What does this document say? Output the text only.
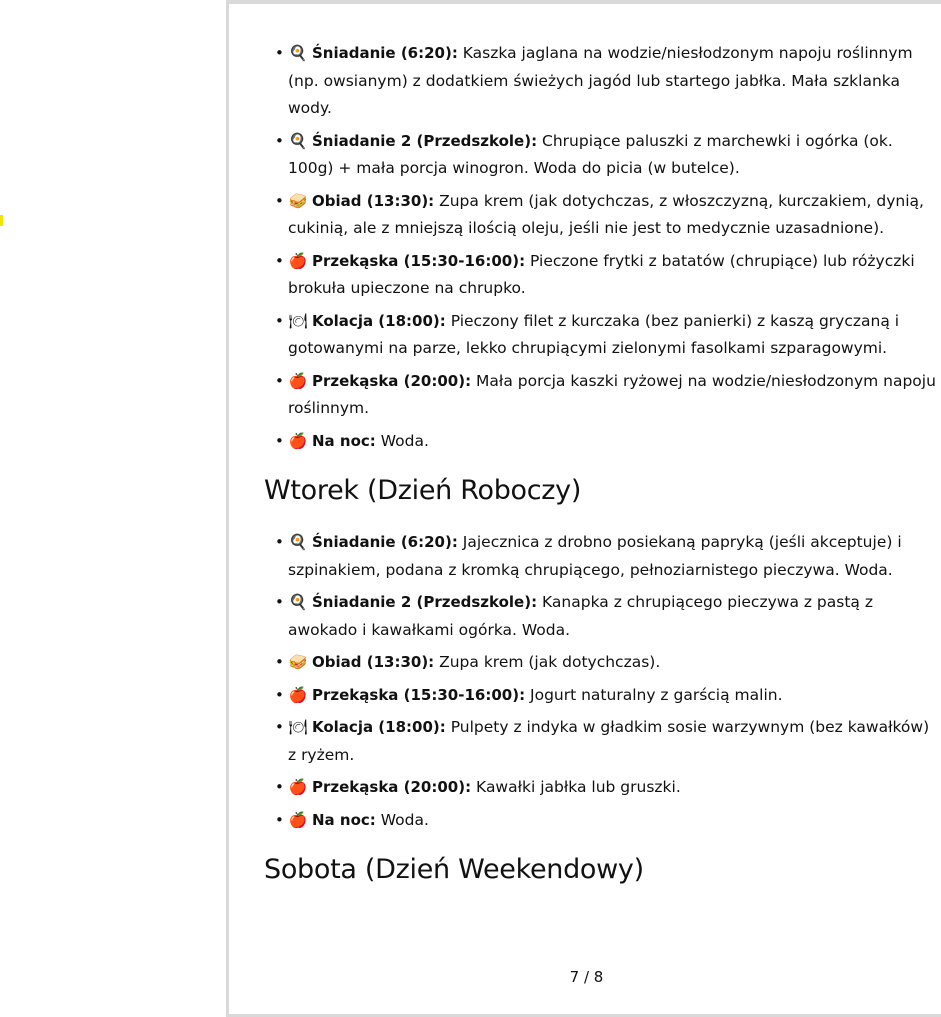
• 🍳 Śniadanie (6:20): Kaszka jaglana na wodzie/niesłodzonym napoju roślinnym (np. owsianym) z dodatkiem świeżych jagód lub startego jabłka. Mała szklanka wody.
• 🍳 Śniadanie 2 (Przedszkole): Chrupiące paluszki z marchewki i ogórka (ok. 100g) + mała porcja winogron. Woda do picia (w butelce).
• 🥪 Obiad (13:30): Zupa krem (jak dotychczas, z włoszczyzną, kurczakiem, dynią, cukinią, ale z mniejszą ilością oleju, jeśli nie jest to medycznie uzasadnione).
• 🍎 Przekąska (15:30-16:00): Pieczone frytki z batatów (chrupiące) lub różyczki brokuła upieczone na chrupko.
• 🍽 Kolacja (18:00): Pieczony filet z kurczaka (bez panierki) z kaszą gryczaną i gotowanymi na parze, lekko chrupiącymi zielonymi fasolkami szparagowymi.
• 🍎 Przekąska (20:00): Mała porcja kaszki ryżowej na wodzie/niesłodzonym napoju roślinnym.
• 🍎 Na noc: Woda.
Wtorek (Dzień Roboczy)
• 🍳 Śniadanie (6:20): Jajecznica z drobno posiekaną papryką (jeśli akceptuje) i szpinakiem, podana z kromką chrupiącego, pełnoziarnistego pieczywa. Woda.
• 🍳 Śniadanie 2 (Przedszkole): Kanapka z chrupiącego pieczywa z pastą z awokado i kawałkami ogórka. Woda.
• 🥪 Obiad (13:30): Zupa krem (jak dotychczas).
• 🍎 Przekąska (15:30-16:00): Jogurt naturalny z garścią malin.
• 🍽 Kolacja (18:00): Pulpety z indyka w gładkim sosie warzywnym (bez kawałków) z ryżem.
• 🍎 Przekąska (20:00): Kawałki jabłka lub gruszki.
• 🍎 Na noc: Woda.
Sobota (Dzień Weekendowy)
7 / 8
